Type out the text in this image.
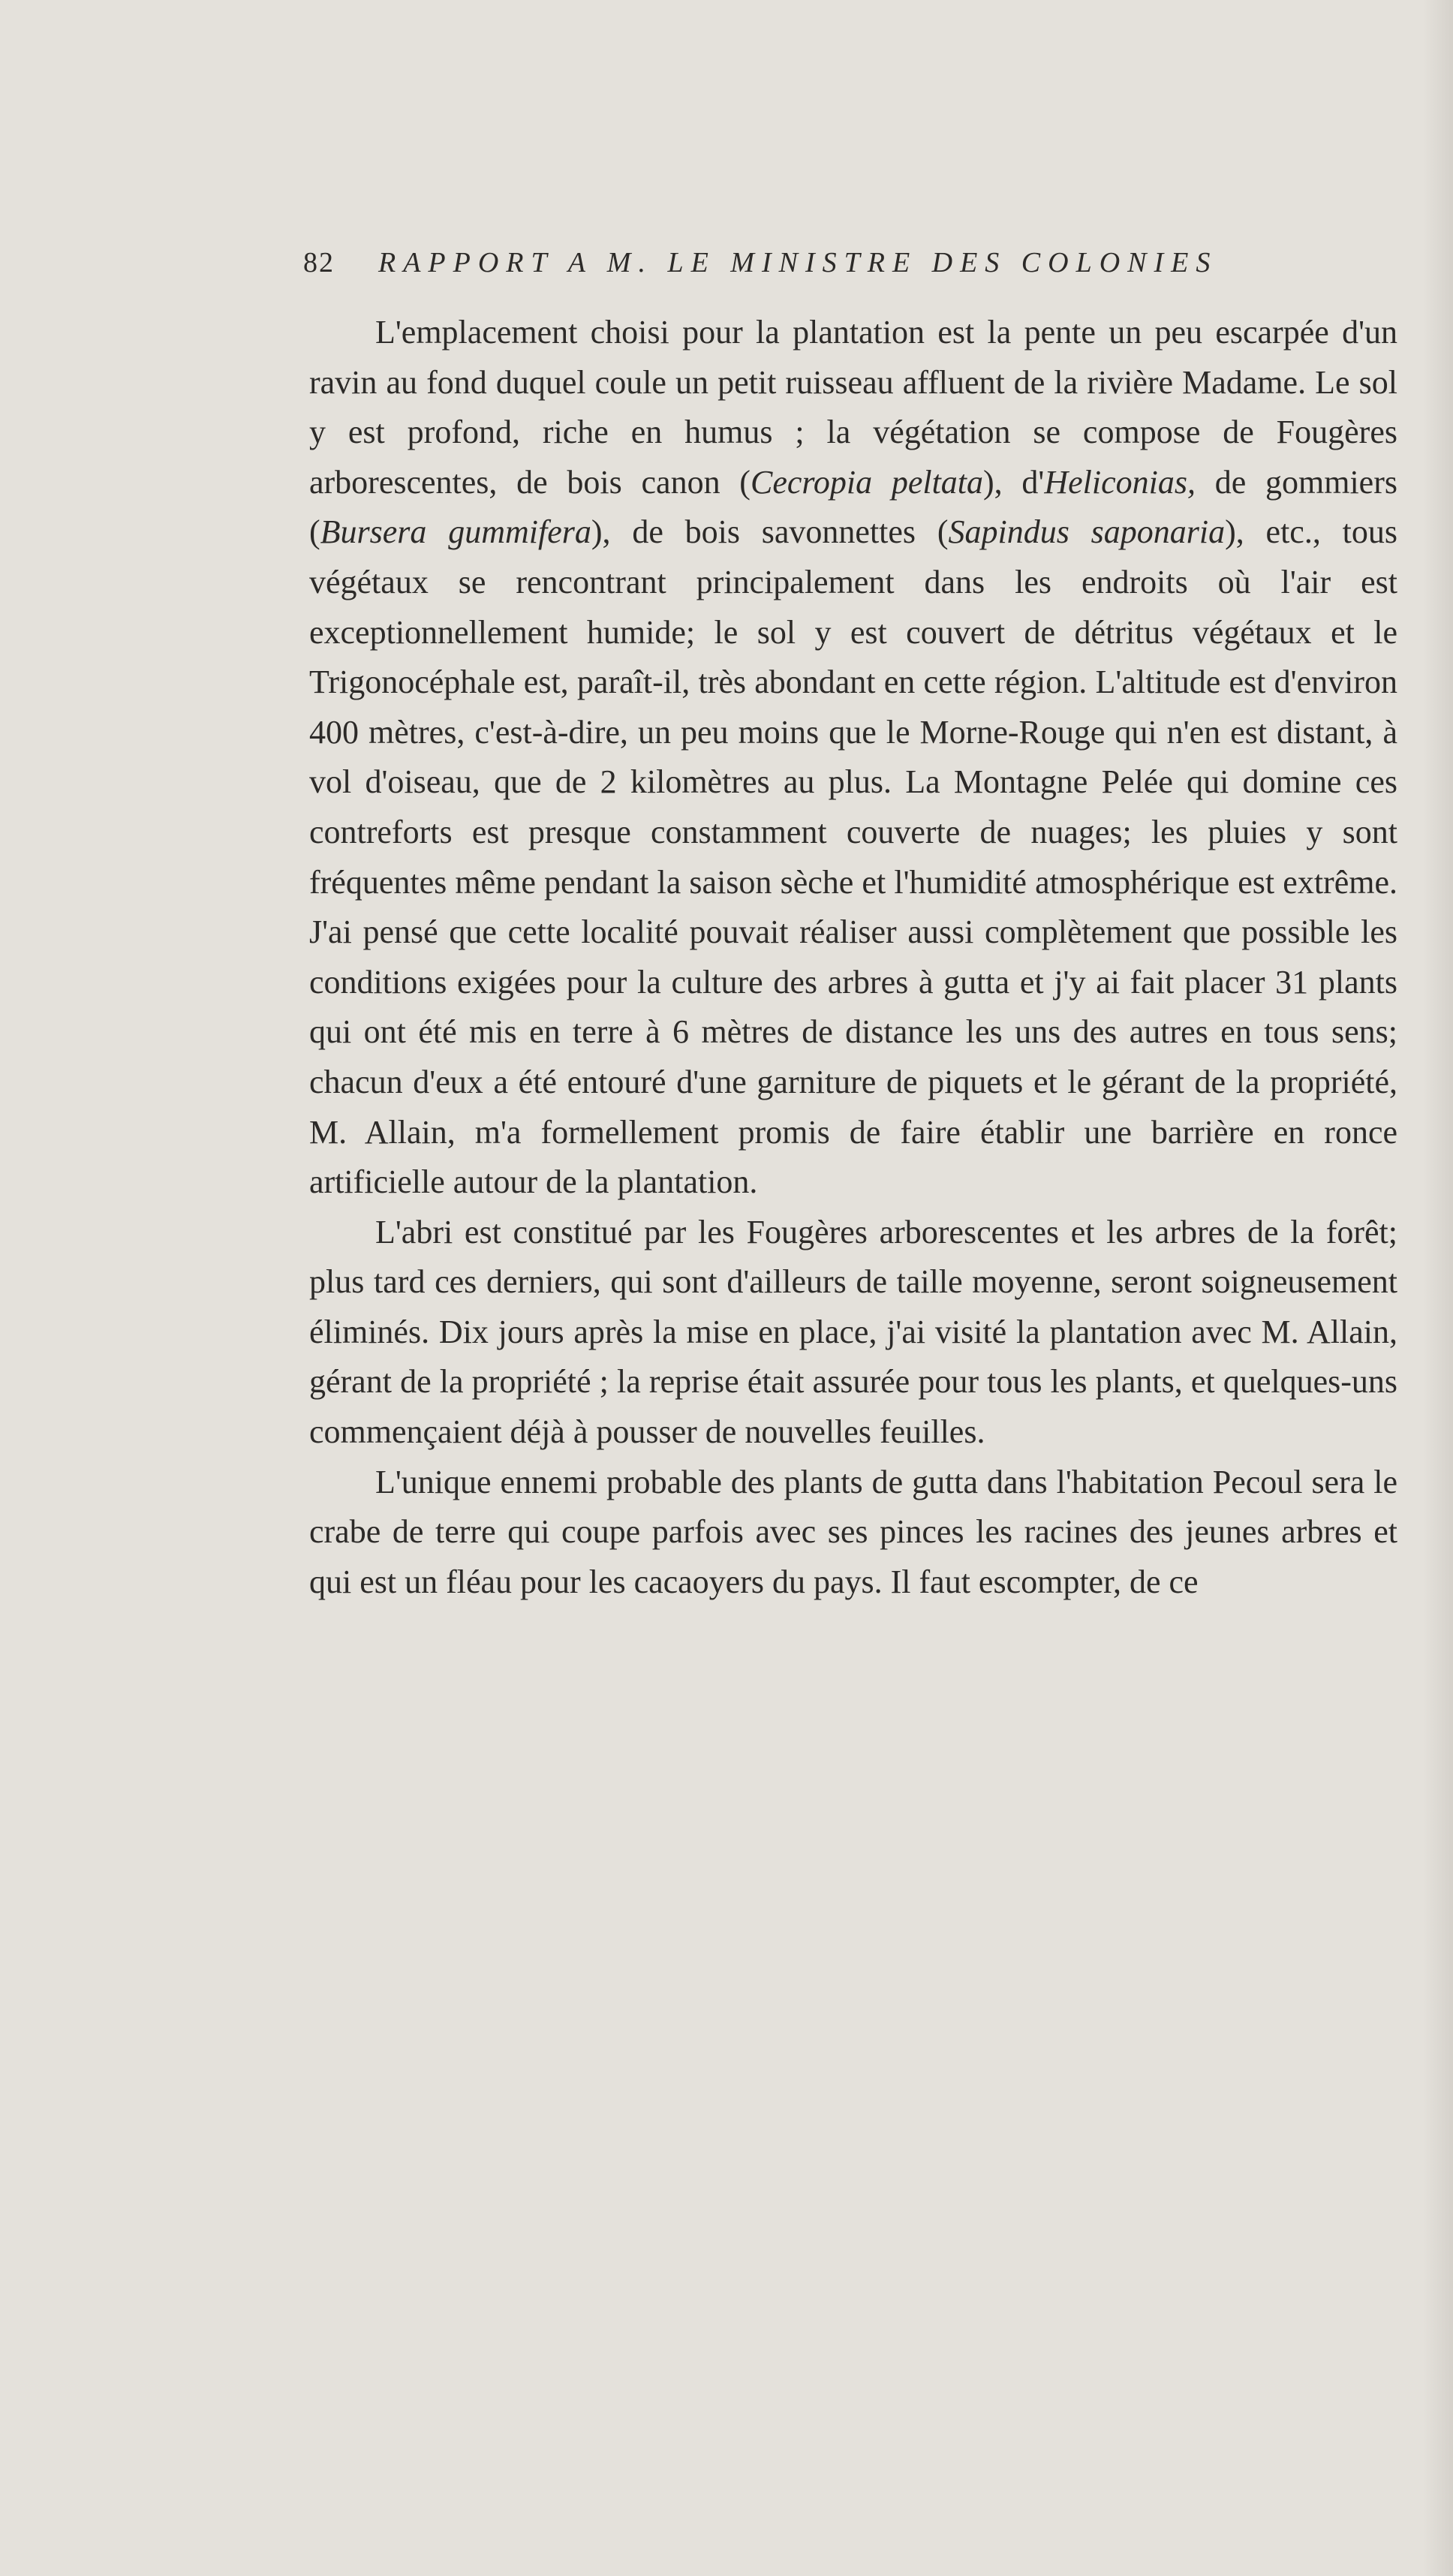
82 RAPPORT A M. LE MINISTRE DES COLONIES

L'emplacement choisi pour la plantation est la pente un peu escarpée d'un ravin au fond duquel coule un petit ruisseau affluent de la rivière Madame. Le sol y est profond, riche en humus ; la végétation se compose de Fougères arborescentes, de bois canon (Cecropia peltata), d'Heliconias, de gommiers (Bursera gummifera), de bois savonnettes (Sapindus saponaria), etc., tous végétaux se rencontrant principalement dans les endroits où l'air est exceptionnellement humide; le sol y est couvert de détritus végétaux et le Trigonocéphale est, paraît-il, très abondant en cette région. L'altitude est d'environ 400 mètres, c'est-à-dire, un peu moins que le Morne-Rouge qui n'en est distant, à vol d'oiseau, que de 2 kilomètres au plus. La Montagne Pelée qui domine ces contreforts est presque constamment couverte de nuages; les pluies y sont fréquentes même pendant la saison sèche et l'humidité atmosphérique est extrême. J'ai pensé que cette localité pouvait réaliser aussi complètement que possible les conditions exigées pour la culture des arbres à gutta et j'y ai fait placer 31 plants qui ont été mis en terre à 6 mètres de distance les uns des autres en tous sens; chacun d'eux a été entouré d'une garniture de piquets et le gérant de la propriété, M. Allain, m'a formellement promis de faire établir une barrière en ronce artificielle autour de la plantation.

L'abri est constitué par les Fougères arborescentes et les arbres de la forêt; plus tard ces derniers, qui sont d'ailleurs de taille moyenne, seront soigneusement éliminés. Dix jours après la mise en place, j'ai visité la plantation avec M. Allain, gérant de la propriété ; la reprise était assurée pour tous les plants, et quelques-uns commençaient déjà à pousser de nouvelles feuilles.

L'unique ennemi probable des plants de gutta dans l'habitation Pecoul sera le crabe de terre qui coupe parfois avec ses pinces les racines des jeunes arbres et qui est un fléau pour les cacaoyers du pays. Il faut escompter, de ce
